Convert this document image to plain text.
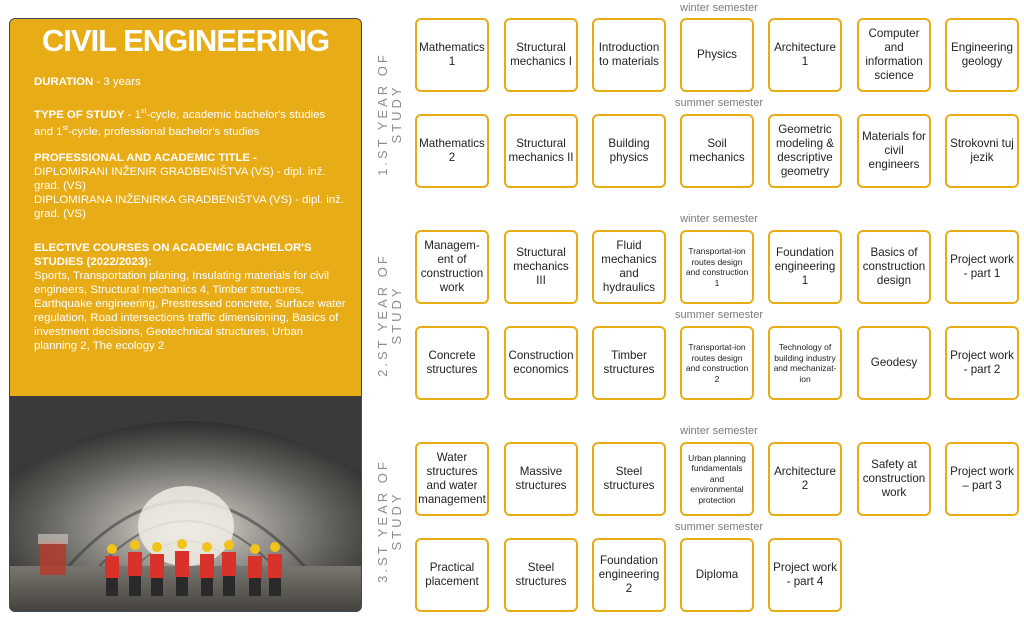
CIVIL ENGINEERING
DURATION - 3 years
TYPE OF STUDY - 1st-cycle, academic bachelor's studies and 1st-cycle, professional bachelor's studies
PROFESSIONAL AND ACADEMIC TITLE -
DIPLOMIRANI INŽENIR GRADBENIŠTVA (VS) - dipl. inž. grad. (VS)
DIPLOMIRANA INŽENIRKA GRADBENIŠTVA (VS) - dipl. inž. grad. (VS)
ELECTIVE COURSES ON ACADEMIC BACHELOR'S STUDIES (2022/2023):
Sports, Transportation planing, Insulating materials for civil engineers, Structural mechanics 4, Timber structures, Earthquake engineering, Prestressed concrete, Surface water regulation, Road intersections traffic dimensioning, Basics of investment decisions, Geotechnical structures, Urban planning 2, The ecology 2
winter semester
summer semester
winter semester
summer semester
winter semester
summer semester
1.ST YEAR OF STUDY
2.ST YEAR OF STUDY
3.ST YEAR OF STUDY
Mathematics 1
Structural mechanics I
Introduction to materials
Physics
Architecture 1
Computer and information science
Engineering geology
Mathematics 2
Structural mechanics II
Building physics
Soil mechanics
Geometric modeling & descriptive geometry
Materials for civil engineers
Strokovni tuj jezik
Managem-ent of construction work
Structural mechanics III
Fluid mechanics and hydraulics
Transportat-ion routes design and construction 1
Foundation engineering 1
Basics of construction design
Project work - part 1
Concrete structures
Construction economics
Timber structures
Transportat-ion routes design and construction 2
Technology of building industry and mechanizat-ion
Geodesy
Project work - part 2
Water structures and water management
Massive structures
Steel structures
Urban planning fundamentals and environmental protection
Architecture 2
Safety at construction work
Project work – part 3
Practical placement
Steel structures
Foundation engineering 2
Diploma
Project work - part 4
